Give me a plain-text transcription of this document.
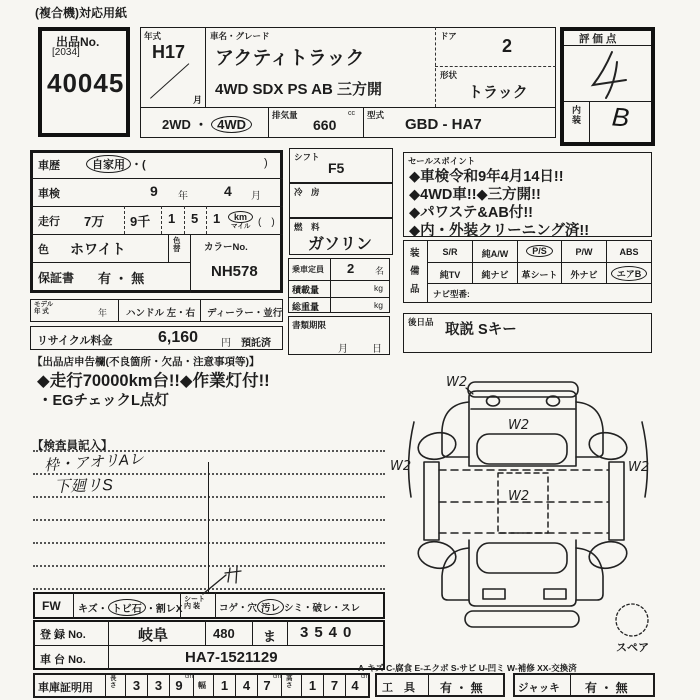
(複合機)対応用紙
出品No.
[2034]
40045
年式
H17
月
車名・グレード
アクティトラック
4WD SDX PS AB 三方開
ドア	2
形状
トラック
2WD ・ 4WD
排気量
660
cc 型式
GBD - HA7
評 価 点
内
装 B
車歴	自家用 ・(	)
車検	9 年	4 月
走行 7万 9千 1 5 1	km
マイル (　)
色 ホワイト
色
替 カラーNo.
NH578
保証書 有 ・ 無
モデル
年 式	年 ハンドル 左・右 ディーラー・並行
リサイクル料金	6,160 円 預託済
シフト
F5
冷　房
燃　料
ガソリン
乗車定員 2 名
積載量	kg
総重量	kg
書類期限
月 日
セールスポイント
◆車検令和9年4月14日!!
◆4WD車!!◆三方開!!
◆パワステ&AB付!!
◆内・外装クリーニング済!!
装
備
品
S/R	純A/W	P/S	P/W	ABS
純TV	純ナビ	革シート	外ナビ	エアB
ナビ型番:
後日品 取説 Sキー
【出品店申告欄(不良箇所・欠品・注意事項等)】
◆走行70000km台!!◆作業灯付!!
・EGチェックL点灯
【検査員記入】
枠・アオリAレ
下廻リS
FW キズ・ トビ石 ・割レX
シート
内 装	コゲ・穴 汚レ シミ・破レ・スレ
登 録 No.	岐阜	480 ま 3540
車 台 No.	HA7-1521129
車庫証明用
長
さ	3	3	9
cm
幅	1	4	7
cm 高
さ	1	7	4
cm
A-キズ C-腐食 E-エクボ S-サビ U-凹ミ W-補修 XX-交換済
工　具 有 ・ 無	ジャッキ 有 ・ 無
W2
W2
W2	W2
W2
スペア
